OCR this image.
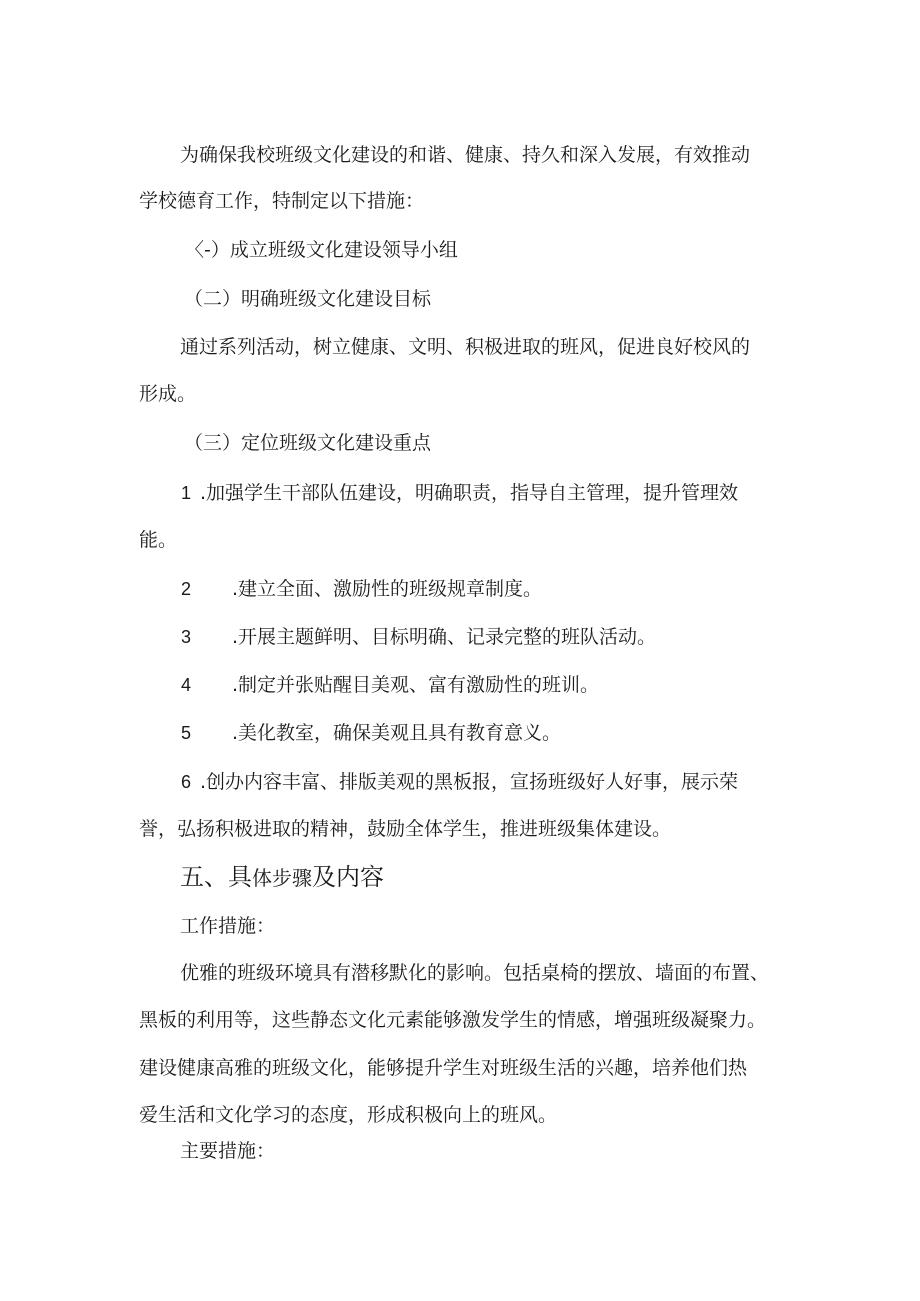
为确保我校班级文化建设的和谐、健康、持久和深入发展，有效推动
学校德育工作，特制定以下措施：
〈-）成立班级文化建设领导小组
（二）明确班级文化建设目标
通过系列活动，树立健康、文明、积极进取的班风，促进良好校风的
形成。
（三）定位班级文化建设重点
1 .加强学生干部队伍建设，明确职责，指导自主管理，提升管理效
能。
2 .建立全面、激励性的班级规章制度。
3 .开展主题鲜明、目标明确、记录完整的班队活动。
4 .制定并张贴醒目美观、富有激励性的班训。
5 .美化教室，确保美观且具有教育意义。
6 .创办内容丰富、排版美观的黑板报，宣扬班级好人好事，展示荣
誉，弘扬积极进取的精神，鼓励全体学生，推进班级集体建设。
五、具体步骤及内容
工作措施：
优雅的班级环境具有潜移默化的影响。包括桌椅的摆放、墙面的布置、
黑板的利用等，这些静态文化元素能够激发学生的情感，增强班级凝聚力。
建设健康高雅的班级文化，能够提升学生对班级生活的兴趣，培养他们热
爱生活和文化学习的态度，形成积极向上的班风。
主要措施：
